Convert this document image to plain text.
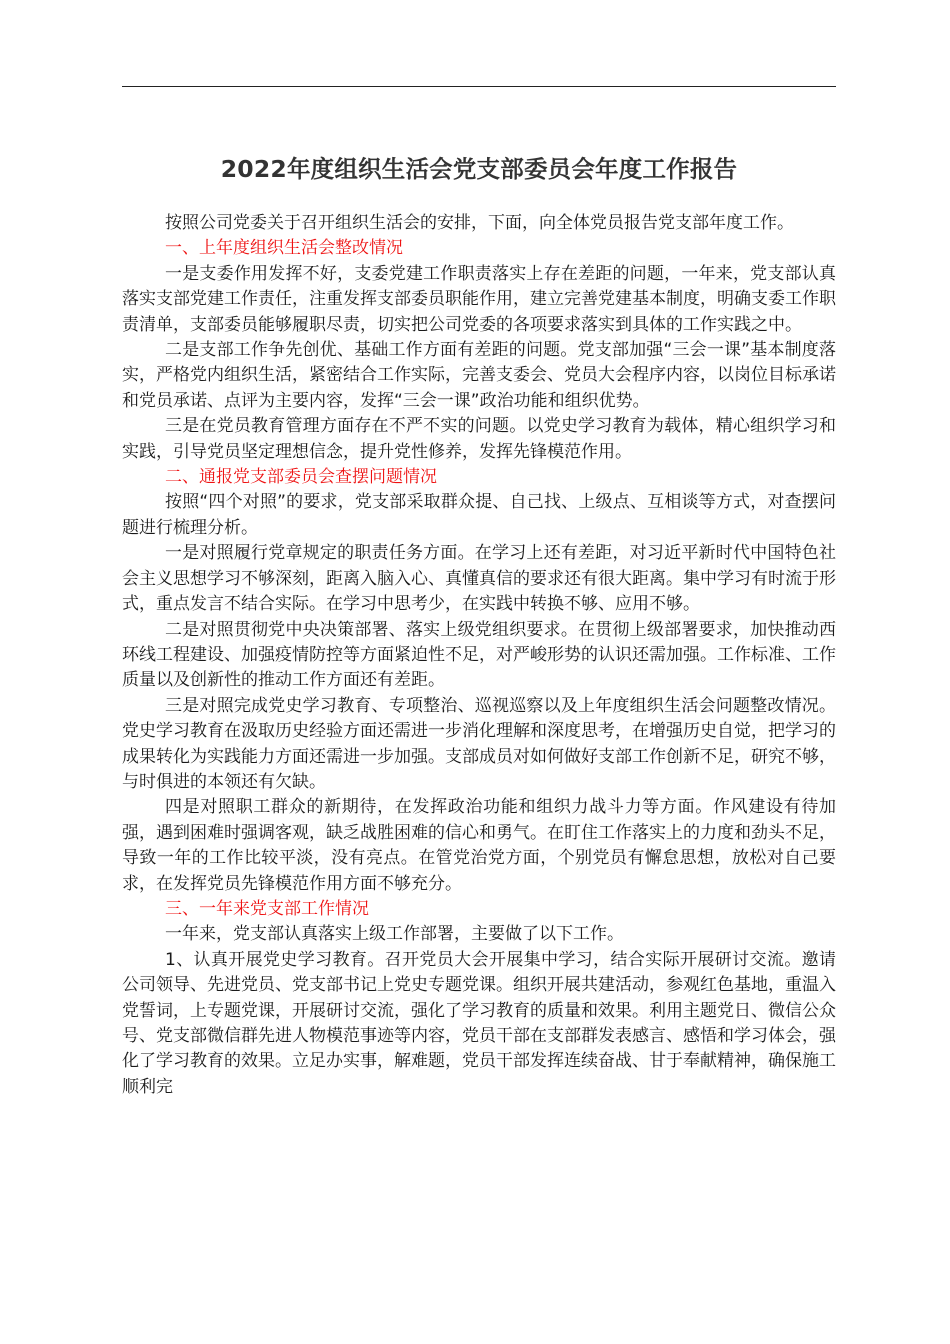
2022年度组织生活会党支部委员会年度工作报告

按照公司党委关于召开组织生活会的安排，下面，向全体党员报告党支部年度工作。

一、上年度组织生活会整改情况

一是支委作用发挥不好，支委党建工作职责落实上存在差距的问题，一年来，党支部认真落实支部党建工作责任，注重发挥支部委员职能作用，建立完善党建基本制度，明确支委工作职责清单，支部委员能够履职尽责，切实把公司党委的各项要求落实到具体的工作实践之中。

二是支部工作争先创优、基础工作方面有差距的问题。党支部加强“三会一课”基本制度落实，严格党内组织生活，紧密结合工作实际，完善支委会、党员大会程序内容，以岗位目标承诺和党员承诺、点评为主要内容，发挥“三会一课”政治功能和组织优势。

三是在党员教育管理方面存在不严不实的问题。以党史学习教育为载体，精心组织学习和实践，引导党员坚定理想信念，提升党性修养，发挥先锋模范作用。

二、通报党支部委员会查摆问题情况

按照“四个对照”的要求，党支部采取群众提、自己找、上级点、互相谈等方式，对查摆问题进行梳理分析。

一是对照履行党章规定的职责任务方面。在学习上还有差距，对习近平新时代中国特色社会主义思想学习不够深刻，距离入脑入心、真懂真信的要求还有很大距离。集中学习有时流于形式，重点发言不结合实际。在学习中思考少，在实践中转换不够、应用不够。

二是对照贯彻党中央决策部署、落实上级党组织要求。在贯彻上级部署要求，加快推动西环线工程建设、加强疫情防控等方面紧迫性不足，对严峻形势的认识还需加强。工作标准、工作质量以及创新性的推动工作方面还有差距。

三是对照完成党史学习教育、专项整治、巡视巡察以及上年度组织生活会问题整改情况。党史学习教育在汲取历史经验方面还需进一步消化理解和深度思考，在增强历史自觉，把学习的成果转化为实践能力方面还需进一步加强。支部成员对如何做好支部工作创新不足，研究不够，与时俱进的本领还有欠缺。

四是对照职工群众的新期待，在发挥政治功能和组织力战斗力等方面。作风建设有待加强，遇到困难时强调客观，缺乏战胜困难的信心和勇气。在盯住工作落实上的力度和劲头不足，导致一年的工作比较平淡，没有亮点。在管党治党方面，个别党员有懈怠思想，放松对自己要求，在发挥党员先锋模范作用方面不够充分。

三、一年来党支部工作情况

一年来，党支部认真落实上级工作部署，主要做了以下工作。

1、认真开展党史学习教育。召开党员大会开展集中学习，结合实际开展研讨交流。邀请公司领导、先进党员、党支部书记上党史专题党课。组织开展共建活动，参观红色基地，重温入党誓词，上专题党课，开展研讨交流，强化了学习教育的质量和效果。利用主题党日、微信公众号、党支部微信群先进人物模范事迹等内容，党员干部在支部群发表感言、感悟和学习体会，强化了学习教育的效果。立足办实事，解难题，党员干部发挥连续奋战、甘于奉献精神，确保施工顺利完
